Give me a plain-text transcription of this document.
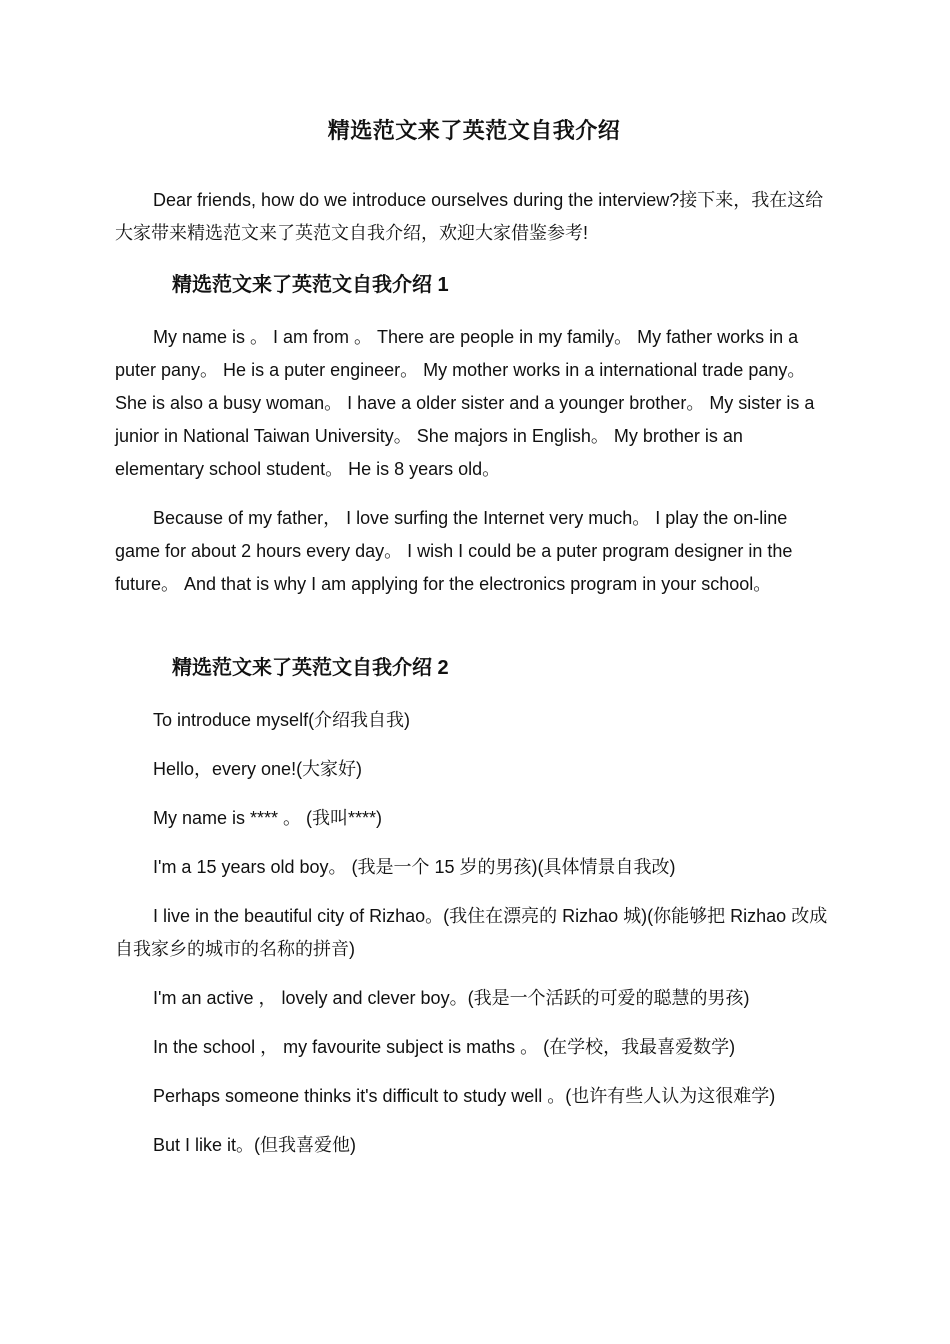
精选范文来了英范文自我介绍

Dear friends, how do we introduce ourselves during the interview?接下来，我在这给大家带来精选范文来了英范文自我介绍，欢迎大家借鉴参考!

精选范文来了英范文自我介绍 1

My name is 。 I am from 。 There are people in my family。 My father works in a puter pany。 He is a puter engineer。 My mother works in a international trade pany。 She is also a busy woman。 I have a older sister and a younger brother。 My sister is a junior in National Taiwan University。 She majors in English。 My brother is an elementary school student。 He is 8 years old。

Because of my father， I love surfing the Internet very much。 I play the on-line game for about 2 hours every day。 I wish I could be a puter program designer in the future。 And that is why I am applying for the electronics program in your school。

精选范文来了英范文自我介绍 2

To introduce myself(介绍我自我)

Hello，every one!(大家好)

My name is **** 。 (我叫****)

I'm a 15 years old boy。 (我是一个 15 岁的男孩)(具体情景自我改)

I live in the beautiful city of Rizhao。(我住在漂亮的 Rizhao 城)(你能够把 Rizhao 改成自我家乡的城市的名称的拼音)

I'm an active ， lovely and clever boy。(我是一个活跃的可爱的聪慧的男孩)

In the school ， my favourite subject is maths 。 (在学校，我最喜爱数学)

Perhaps someone thinks it's difficult to study well 。(也许有些人认为这很难学)

But I like it。(但我喜爱他)
